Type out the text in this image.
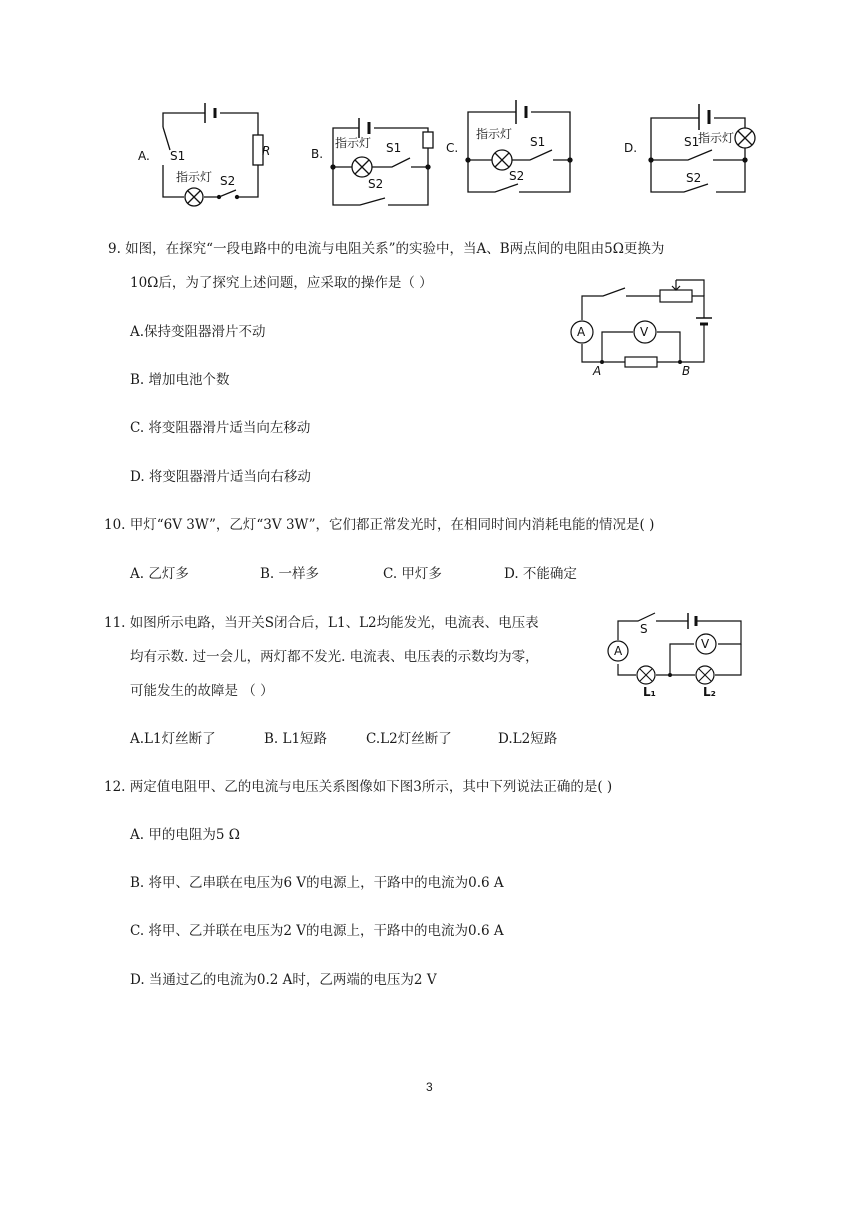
A. S1
指示灯 S2
R	B.
指示灯 S1
S2
C.
指示灯
S1
S2
D.	S1
指示灯
S2
9. 如图，在探究“一段电路中的电流与电阻关系”的实验中，当A、B两点间的电阻由5Ω更换为
10Ω后，为了探究上述问题，应采取的操作是（ ）
A.保持变阻器滑片不动
B. 增加电池个数
C. 将变阻器滑片适当向左移动
D. 将变阻器滑片适当向右移动
A	V
A	B
10. 甲灯“6V 3W”，乙灯“3V 3W”，它们都正常发光时，在相同时间内消耗电能的情况是( )
A. 乙灯多	B. 一样多	C. 甲灯多	D. 不能确定
11. 如图所示电路，当开关S闭合后，L1、L2均能发光，电流表、电压表
均有示数. 过一会儿，两灯都不发光. 电流表、电压表的示数均为零，
可能发生的故障是 （ ）
A.L1灯丝断了	B. L1短路	C.L2灯丝断了	D.L2短路
S
A	V
L₁	L₂
12. 两定值电阻甲、乙的电流与电压关系图像如下图3所示，其中下列说法正确的是( )
A. 甲的电阻为5 Ω
B. 将甲、乙串联在电压为6 V的电源上，干路中的电流为0.6 A
C. 将甲、乙并联在电压为2 V的电源上，干路中的电流为0.6 A
D. 当通过乙的电流为0.2 A时，乙两端的电压为2 V
3
